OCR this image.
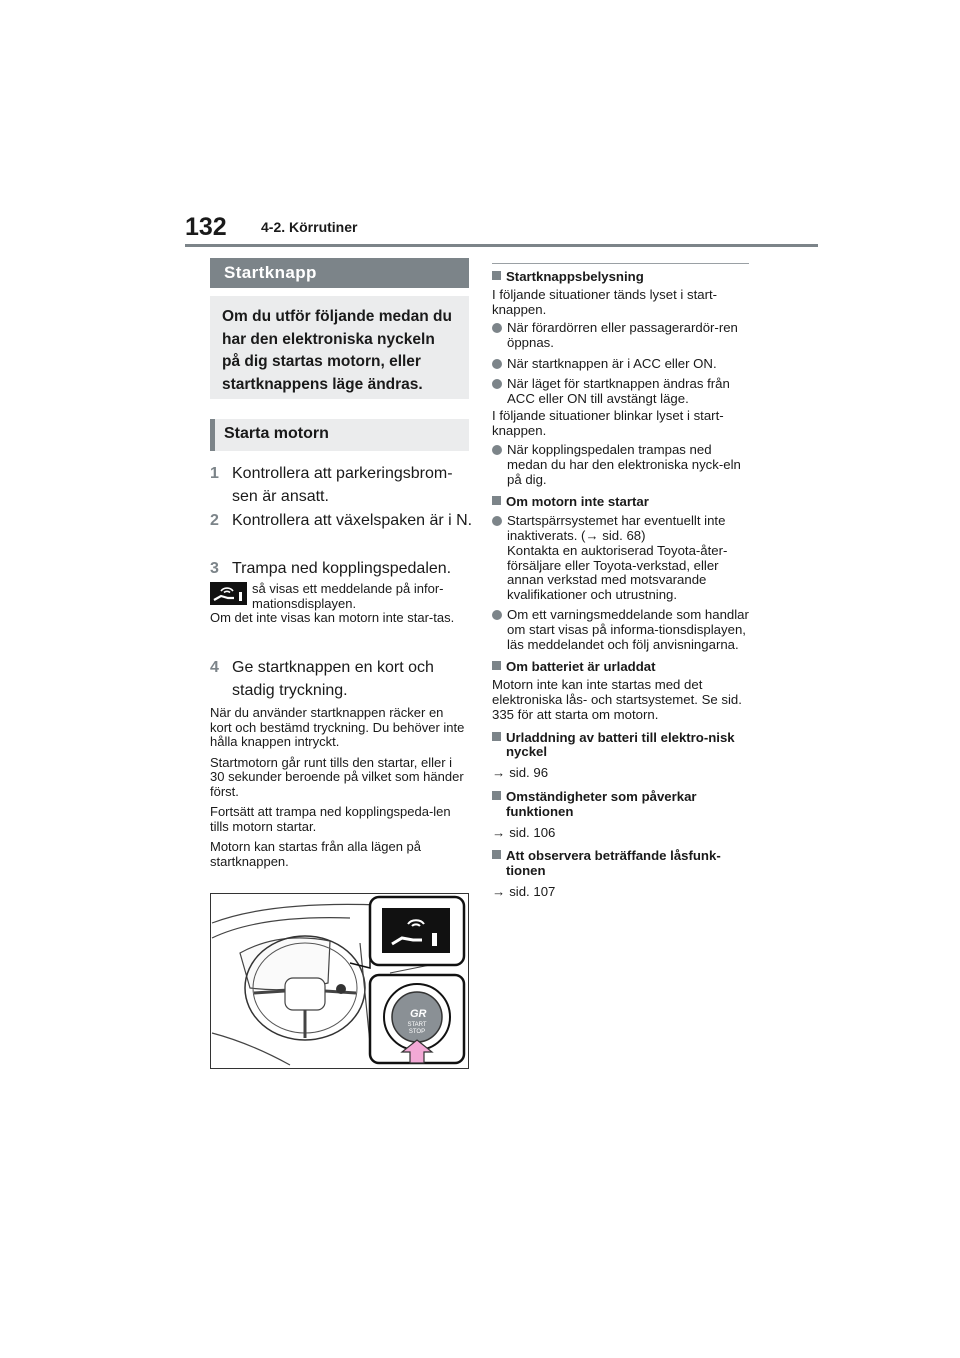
132 4-2. Körrutiner
Startknapp
Om du utför följande medan du har den elektroniska nyckeln på dig startas motorn, eller startknappens läge ändras.
Starta motorn
1 Kontrollera att parkeringsbrom-sen är ansatt.
2 Kontrollera att växelspaken är i N.
3 Trampa ned kopplingspedalen.
så visas ett meddelande på infor-mationsdisplayen.
Om det inte visas kan motorn inte star-tas.
4 Ge startknappen en kort och stadig tryckning.
När du använder startknappen räcker en kort och bestämd tryckning. Du behöver inte hålla knappen intryckt.
Startmotorn går runt tills den startar, eller i 30 sekunder beroende på vilket som händer först.
Fortsätt att trampa ned kopplingspeda-len tills motorn startar.
Motorn kan startas från alla lägen på startknappen.
GR
START
STOP
Startknappsbelysning
I följande situationer tänds lyset i start-knappen.
När förardörren eller passagerardör-ren öppnas.
När startknappen är i ACC eller ON.
När läget för startknappen ändras från ACC eller ON till avstängt läge.
I följande situationer blinkar lyset i start-knappen.
När kopplingspedalen trampas ned medan du har den elektroniska nyck-eln på dig.
Om motorn inte startar
Startspärrsystemet har eventuellt inte inaktiverats. (→ sid. 68)
Kontakta en auktoriserad Toyota-åter-försäljare eller Toyota-verkstad, eller annan verkstad med motsvarande kvalifikationer och utrustning.
Om ett varningsmeddelande som handlar om start visas på informa-tionsdisplayen, läs meddelandet och följ anvisningarna.
Om batteriet är urladdat
Motorn inte kan inte startas med det elektroniska lås- och startsystemet. Se sid. 335 för att starta om motorn.
Urladdning av batteri till elektro-nisk nyckel
→ sid. 96
Omständigheter som påverkar funktionen
→ sid. 106
Att observera beträffande låsfunk-tionen
→ sid. 107
